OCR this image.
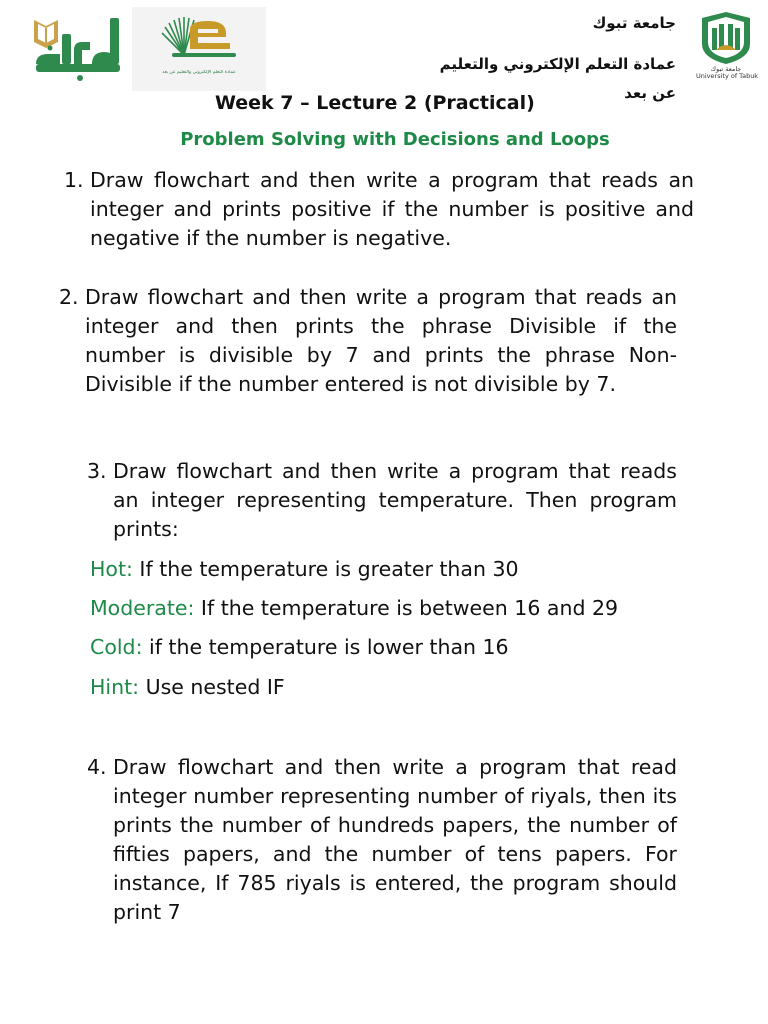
عمادة التعلم الإلكتروني والتعليم عن بعد
جامعة تبوك
عمادة التعلم الإلكتروني والتعليم
عن بعد
جامعة تبوك
University of Tabuk
Week 7 – Lecture 2 (Practical)
Problem Solving with Decisions and Loops
1. Draw flowchart and then write a program that reads an integer and prints positive if the number is positive and negative if the number is negative.
2. Draw flowchart and then write a program that reads an integer and then prints the phrase Divisible if the number is divisible by 7 and prints the phrase Non-Divisible if the number entered is not divisible by 7.
3. Draw flowchart and then write a program that reads an integer representing temperature. Then program prints:
Hot: If the temperature is greater than 30
Moderate: If the temperature is between 16 and 29
Cold: if the temperature is lower than 16
Hint: Use nested IF
4. Draw flowchart and then write a program that read integer number representing number of riyals, then its prints the number of hundreds papers, the number of fifties papers, and the number of tens papers. For instance, If 785 riyals is entered, the program should print 7
